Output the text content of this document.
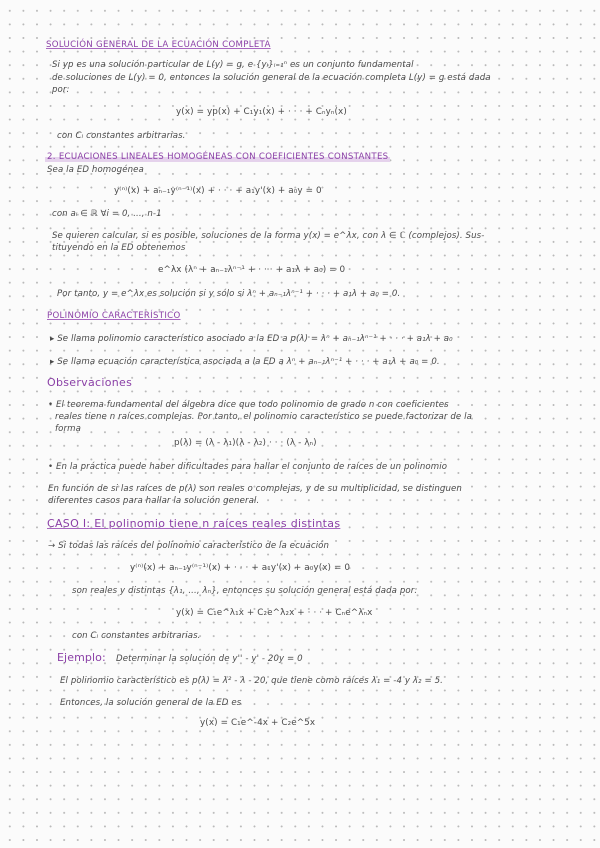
SOLUCIÓN GENERAL DE LA ECUACIÓN COMPLETA
Si yp es una solución particular de L(y) = g, e {yᵢ}ᵢ₌₁ⁿ es un conjunto fundamental
de soluciones de L(y) = 0, entonces la solución general de la ecuación completa L(y) = g está dada
por:
y(x) = yp(x) + C₁y₁(x) + · · · + Cₙyₙ(x)
con Cᵢ constantes arbitrarias.
2. ECUACIONES LINEALES HOMOGÉNEAS CON COEFICIENTES CONSTANTES
Sea la ED homogénea
y⁽ⁿ⁾(x) + aₙ₋₁y⁽ⁿ⁻¹⁾(x) + · · · + a₁y'(x) + a₀y = 0
con aᵢ ∈ ℝ ∀i = 0, ..., n-1
Se quieren calcular, si es posible, soluciones de la forma y(x) = e^λx, con λ ∈ ℂ (complejos). Sus-
tituyendo en la ED obtenemos
e^λx (λⁿ + aₙ₋₁λⁿ⁻¹ + · · · + a₁λ + a₀) = 0
Por tanto, y = e^λx es solución si y sólo si λⁿ + aₙ₋₁λⁿ⁻¹ + · · · + a₁λ + a₀ = 0.
POLINOMIO CARACTERÍSTICO
▸ Se llama polinomio característico asociado a la ED a p(λ) = λⁿ + aₙ₋₁λⁿ⁻¹ + · · · + a₁λ + a₀
▸ Se llama ecuación característica asociada a la ED a λⁿ + aₙ₋₁λⁿ⁻¹ + · · · + a₁λ + a₀ = 0.
Observaciones
• El teorema fundamental del álgebra dice que todo polinomio de grado n con coeficientes
reales tiene n raíces complejas. Por tanto, el polinomio característico se puede factorizar de la
forma
p(λ) = (λ - λ₁)(λ - λ₂) · · · (λ - λₙ)
• En la práctica puede haber dificultades para hallar el conjunto de raíces de un polinomio
En función de si las raíces de p(λ) son reales o complejas, y de su multiplicidad, se distinguen
diferentes casos para hallar la solución general.
CASO I: El polinomio tiene n raíces reales distintas
→ Si todas las raíces del polinomio característico de la ecuación
y⁽ⁿ⁾(x) + aₙ₋₁y⁽ⁿ⁻¹⁾(x) + · · · + a₁y'(x) + a₀y(x) = 0
son reales y distintas {λ₁, ..., λₙ}, entonces su solución general está dada por:
y(x) = C₁e^λ₁x + C₂e^λ₂x + · · · + Cₙe^λₙx
con Cᵢ constantes arbitrarias.
Ejemplo: Determinar la solución de y'' - y' - 20y = 0
El polinomio característico es p(λ) = λ² - λ - 20, que tiene como raíces λ₁ = -4 y λ₂ = 5.
Entonces, la solución general de la ED es
y(x) = C₁e^-4x + C₂e^5x
